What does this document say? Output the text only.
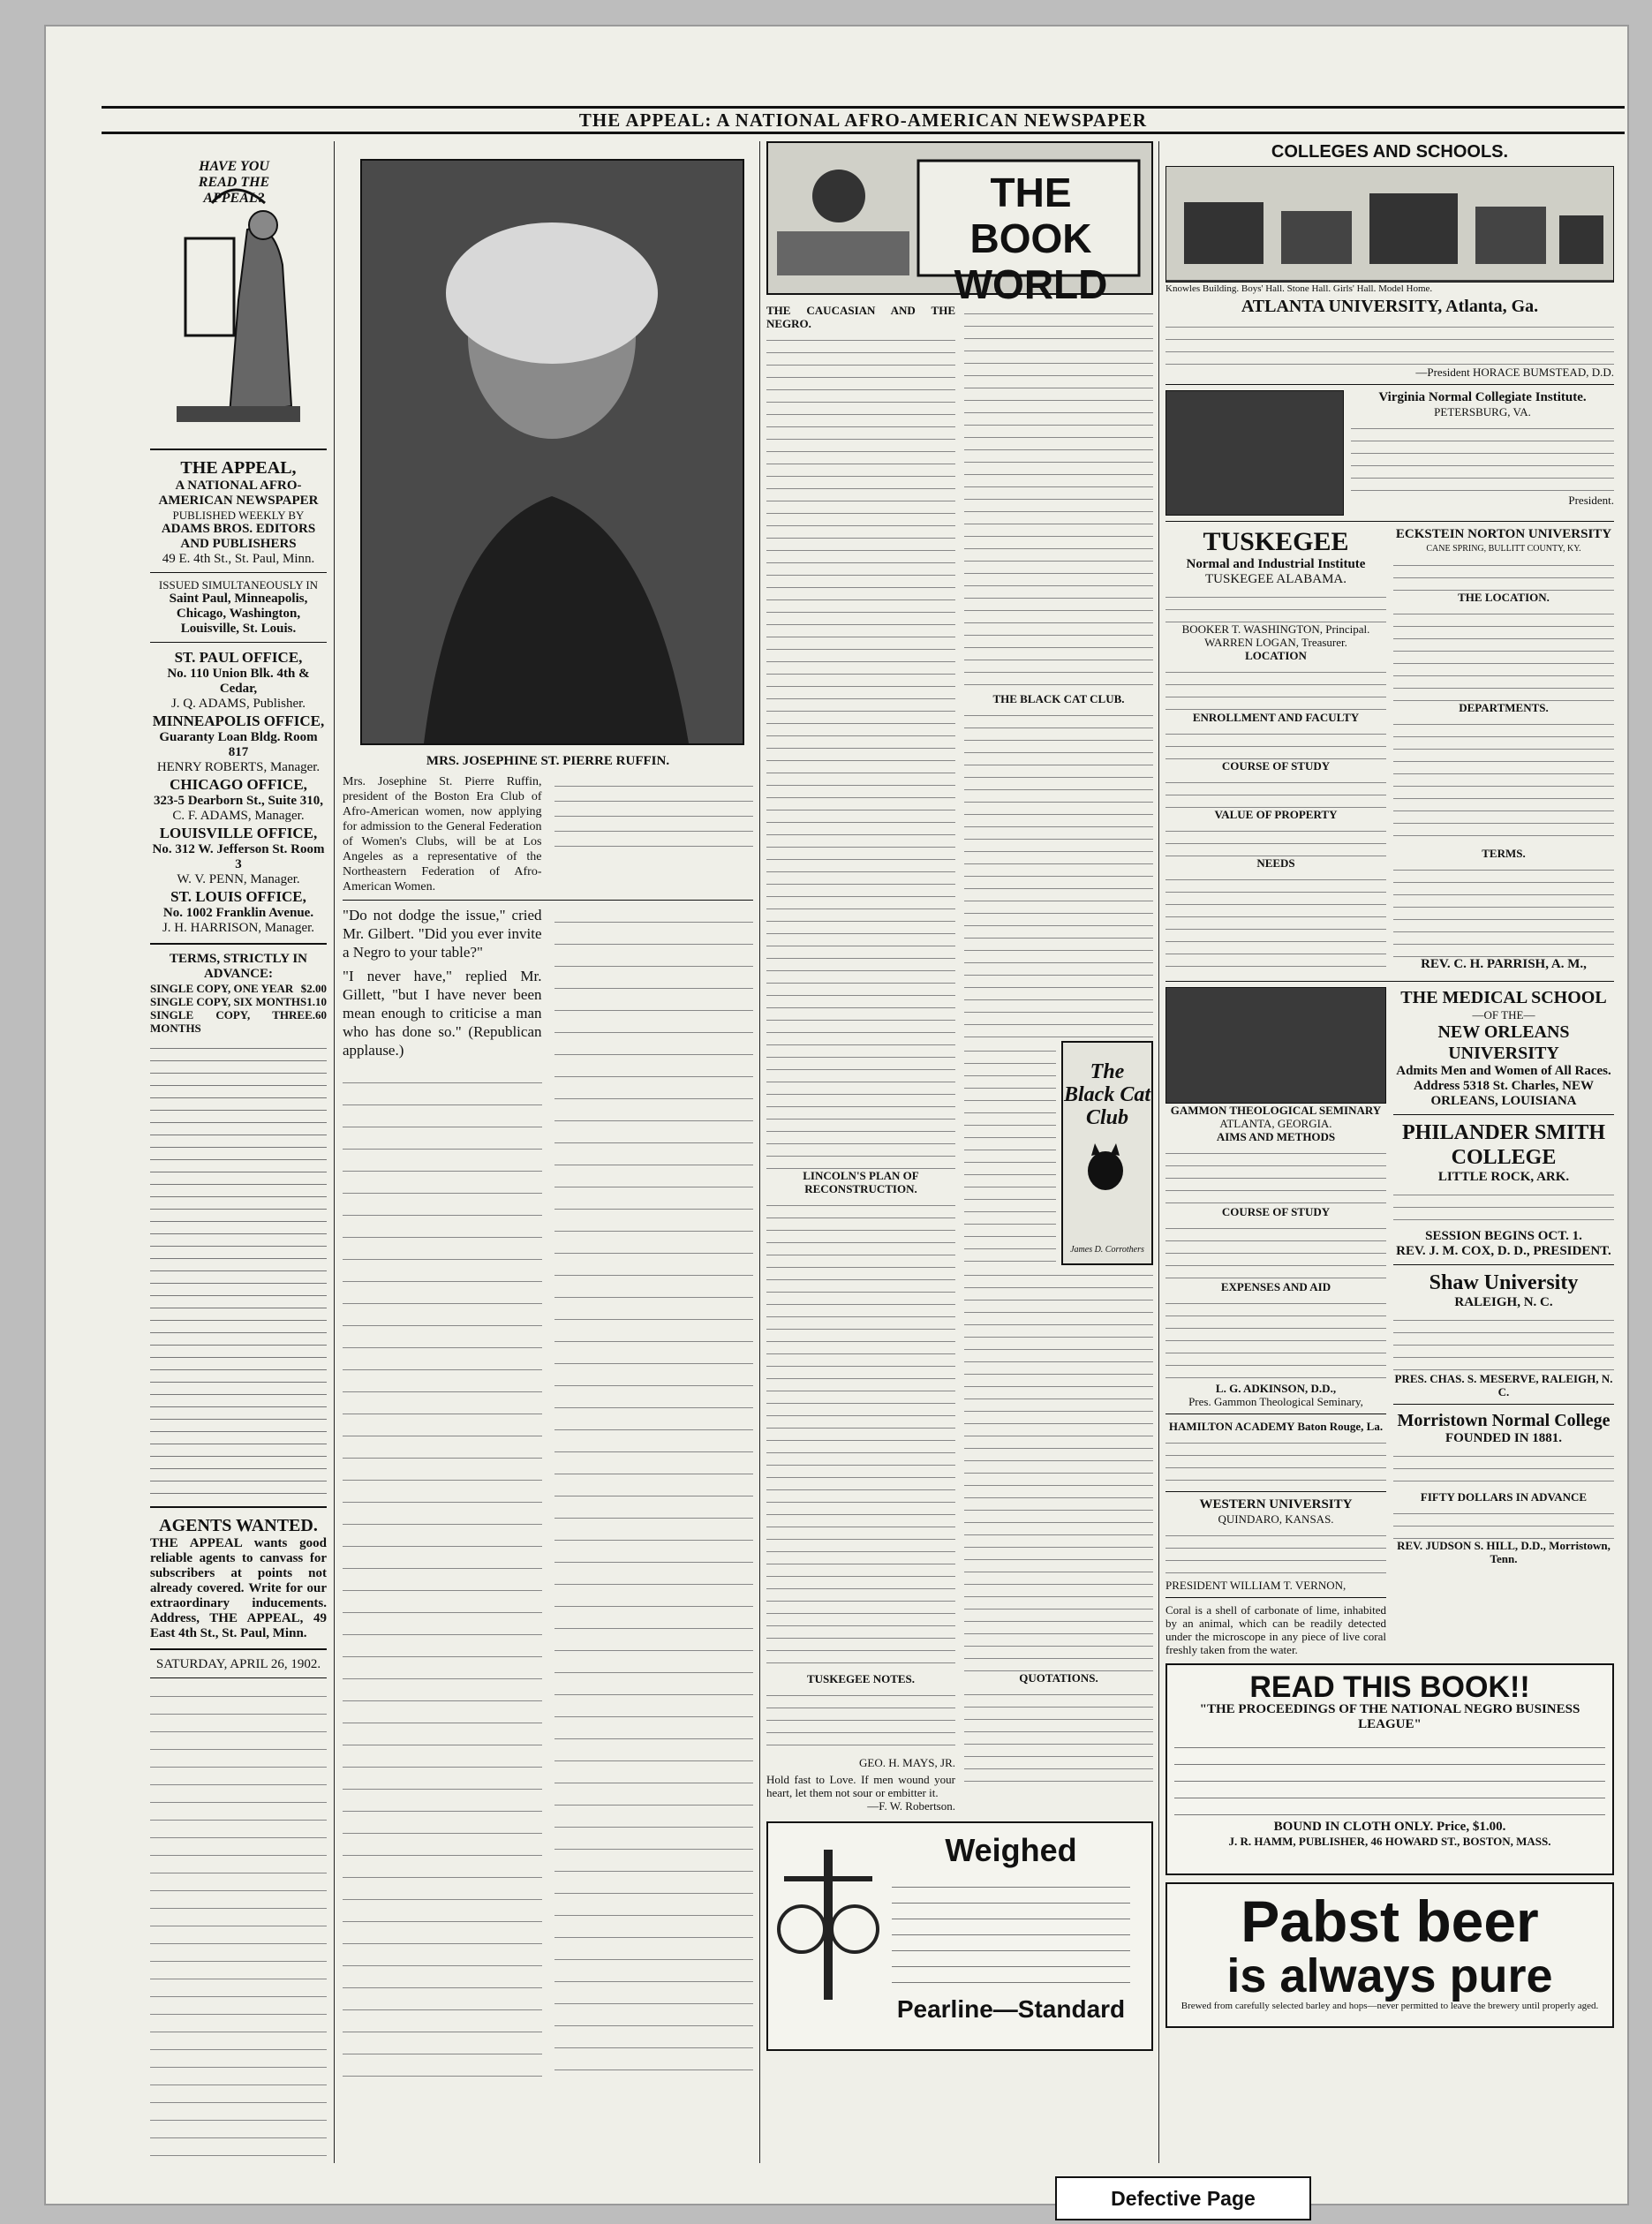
THE APPEAL: A NATIONAL AFRO-AMERICAN NEWSPAPER
HAVE YOU READ THE APPEAL?
THE APPEAL,
A NATIONAL AFRO-AMERICAN NEWSPAPER
PUBLISHED WEEKLY BY
ADAMS BROS. EDITORS AND PUBLISHERS
49 E. 4th St., St. Paul, Minn.
ISSUED SIMULTANEOUSLY IN
Saint Paul, Minneapolis, Chicago, Washington, Louisville, St. Louis.
ST. PAUL OFFICE,
No. 110 Union Blk. 4th & Cedar,
J. Q. ADAMS, Publisher.
MINNEAPOLIS OFFICE,
Guaranty Loan Bldg. Room 817
HENRY ROBERTS, Manager.
CHICAGO OFFICE,
323-5 Dearborn St., Suite 310,
C. F. ADAMS, Manager.
LOUISVILLE OFFICE,
No. 312 W. Jefferson St. Room 3
W. V. PENN, Manager.
ST. LOUIS OFFICE,
No. 1002 Franklin Avenue.
J. H. HARRISON, Manager.
TERMS, STRICTLY IN ADVANCE:
SINGLE COPY, ONE YEAR $2.00
SINGLE COPY, SIX MONTHS 1.10
SINGLE COPY, THREE MONTHS
.60
AGENTS WANTED.
THE APPEAL wants good reliable agents to canvass for subscribers at points not already covered. Write for our extraordinary inducements. Address, THE APPEAL, 49 East 4th St., St. Paul, Minn.
SATURDAY, APRIL 26, 1902.
MRS. JOSEPHINE ST. PIERRE RUFFIN.
Mrs. Josephine St. Pierre Ruffin, president of the Boston Era Club of Afro-American women, now applying for admission to the General Federation of Women's Clubs, will be at Los Angeles as a representative of the Northeastern Federation of Afro-American Women.
"Do not dodge the issue," cried Mr. Gilbert. "Did you ever invite a Negro to your table?"
"I never have," replied Mr. Gillett, "but I have never been mean enough to criticise a man who has done so." (Republican applause.)
THE BOOK WORLD
THE CAUCASIAN AND THE NEGRO.
LINCOLN'S PLAN OF RECONSTRUCTION.
TUSKEGEE NOTES.
GEO. H. MAYS, JR.
Hold fast to Love. If men wound your heart, let them not sour or embitter it.
—F. W. Robertson.
THE BLACK CAT CLUB.
The Black Cat Club
James D. Corrothers
QUOTATIONS.
Weighed
Pearline—Standard
COLLEGES AND SCHOOLS.
Knowles Building. Boys' Hall. Stone Hall. Girls' Hall. Model Home.
ATLANTA UNIVERSITY, Atlanta, Ga.
—President HORACE BUMSTEAD, D.D.
Virginia Normal Collegiate Institute.
PETERSBURG, VA.
President.
TUSKEGEE
Normal and Industrial Institute
TUSKEGEE ALABAMA.
BOOKER T. WASHINGTON, Principal.
WARREN LOGAN, Treasurer.
LOCATION
ENROLLMENT AND FACULTY
COURSE OF STUDY
VALUE OF PROPERTY
NEEDS
ECKSTEIN NORTON UNIVERSITY
CANE SPRING, BULLITT COUNTY, KY.
THE LOCATION.
DEPARTMENTS.
TERMS.
REV. C. H. PARRISH, A. M.,
GAMMON THEOLOGICAL SEMINARY
ATLANTA, GEORGIA.
AIMS AND METHODS
COURSE OF STUDY
EXPENSES AND AID
L. G. ADKINSON, D.D.,
Pres. Gammon Theological Seminary,
HAMILTON ACADEMY Baton Rouge, La.
WESTERN UNIVERSITY
QUINDARO, KANSAS.
PRESIDENT WILLIAM T. VERNON,
Coral is a shell of carbonate of lime, inhabited by an animal, which can be readily detected under the microscope in any piece of live coral freshly taken from the water.
THE MEDICAL SCHOOL
—OF THE—
NEW ORLEANS UNIVERSITY
Admits Men and Women of All Races.
Address 5318 St. Charles, NEW ORLEANS, LOUISIANA
PHILANDER SMITH COLLEGE
LITTLE ROCK, ARK.
SESSION BEGINS OCT. 1.
REV. J. M. COX, D. D., PRESIDENT.
Shaw University
RALEIGH, N. C.
PRES. CHAS. S. MESERVE, RALEIGH, N. C.
Morristown Normal College
FOUNDED IN 1881.
FIFTY DOLLARS IN ADVANCE
REV. JUDSON S. HILL, D.D., Morristown, Tenn.
READ THIS BOOK!!
"THE PROCEEDINGS OF THE NATIONAL NEGRO BUSINESS LEAGUE"
BOUND IN CLOTH ONLY. Price, $1.00.
J. R. HAMM, PUBLISHER, 46 HOWARD ST., BOSTON, MASS.
Pabst beer
is always pure
Brewed from carefully selected barley and hops—never permitted to leave the brewery until properly aged.
Defective Page
